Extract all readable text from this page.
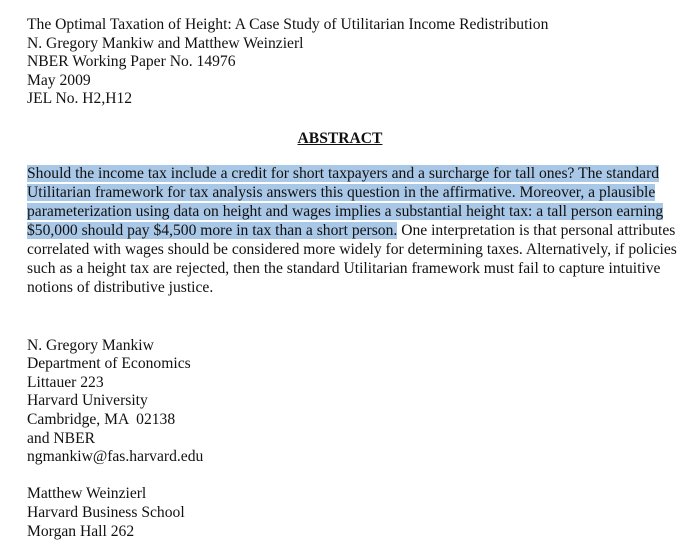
The Optimal Taxation of Height: A Case Study of Utilitarian Income Redistribution
N. Gregory Mankiw and Matthew Weinzierl
NBER Working Paper No. 14976
May 2009
JEL No. H2,H12
ABSTRACT
Should the income tax include a credit for short taxpayers and a surcharge for tall ones? The standard
Utilitarian framework for tax analysis answers this question in the affirmative. Moreover, a plausible
parameterization using data on height and wages implies a substantial height tax: a tall person earning
$50,000 should pay $4,500 more in tax than a short person. One interpretation is that personal attributes
correlated with wages should be considered more widely for determining taxes. Alternatively, if policies
such as a height tax are rejected, then the standard Utilitarian framework must fail to capture intuitive
notions of distributive justice.
N. Gregory Mankiw
Department of Economics
Littauer 223
Harvard University
Cambridge, MA  02138
and NBER
ngmankiw@fas.harvard.edu
Matthew Weinzierl
Harvard Business School
Morgan Hall 262
